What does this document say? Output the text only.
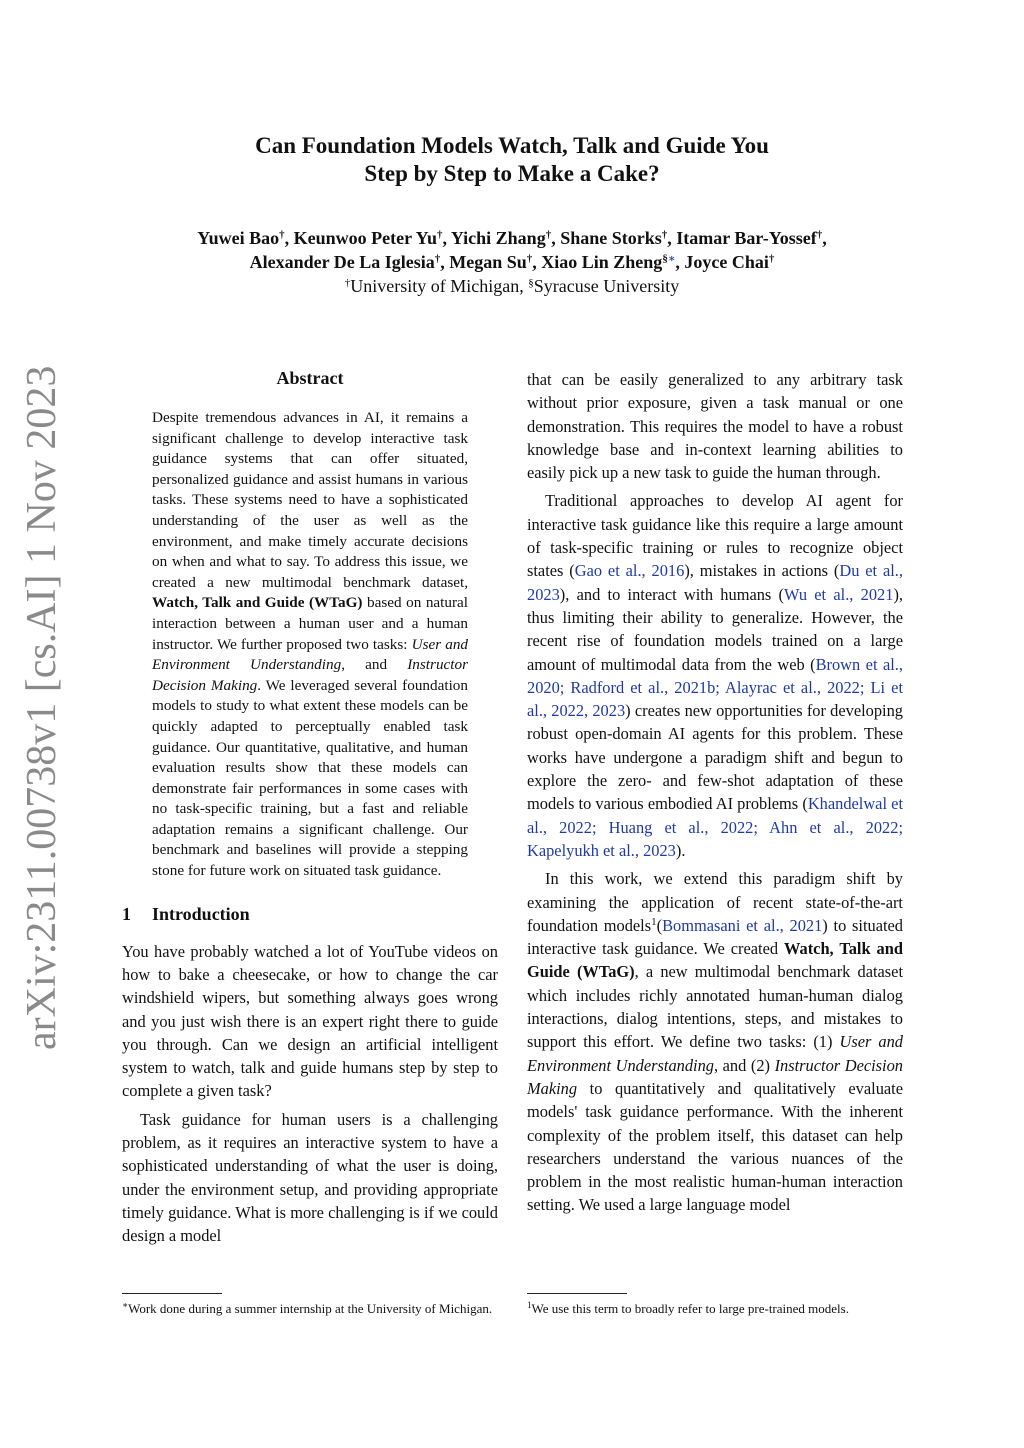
arXiv:2311.00738v1 [cs.AI] 1 Nov 2023
Can Foundation Models Watch, Talk and Guide You
Step by Step to Make a Cake?
Yuwei Bao†, Keunwoo Peter Yu†, Yichi Zhang†, Shane Storks†, Itamar Bar-Yossef†,
Alexander De La Iglesia†, Megan Su†, Xiao Lin Zheng§∗, Joyce Chai†
†University of Michigan, §Syracuse University
Abstract
Despite tremendous advances in AI, it remains a significant challenge to develop interactive task guidance systems that can offer situated, personalized guidance and assist humans in various tasks. These systems need to have a sophisticated understanding of the user as well as the environment, and make timely accurate decisions on when and what to say. To address this issue, we created a new multimodal benchmark dataset, Watch, Talk and Guide (WTaG) based on natural interaction between a human user and a human instructor. We further proposed two tasks: User and Environment Understanding, and Instructor Decision Making. We leveraged several foundation models to study to what extent these models can be quickly adapted to perceptually enabled task guidance. Our quantitative, qualitative, and human evaluation results show that these models can demonstrate fair performances in some cases with no task-specific training, but a fast and reliable adaptation remains a significant challenge. Our benchmark and baselines will provide a stepping stone for future work on situated task guidance.
1 Introduction

You have probably watched a lot of YouTube videos on how to bake a cheesecake, or how to change the car windshield wipers, but something always goes wrong and you just wish there is an expert right there to guide you through. Can we design an artificial intelligent system to watch, talk and guide humans step by step to complete a given task?

Task guidance for human users is a challenging problem, as it requires an interactive system to have a sophisticated understanding of what the user is doing, under the environment setup, and providing appropriate timely guidance. What is more challenging is if we could design a model

that can be easily generalized to any arbitrary task without prior exposure, given a task manual or one demonstration. This requires the model to have a robust knowledge base and in-context learning abilities to easily pick up a new task to guide the human through.

Traditional approaches to develop AI agent for interactive task guidance like this require a large amount of task-specific training or rules to recognize object states (Gao et al., 2016), mistakes in actions (Du et al., 2023), and to interact with humans (Wu et al., 2021), thus limiting their ability to generalize. However, the recent rise of foundation models trained on a large amount of multimodal data from the web (Brown et al., 2020; Radford et al., 2021b; Alayrac et al., 2022; Li et al., 2022, 2023) creates new opportunities for developing robust open-domain AI agents for this problem. These works have undergone a paradigm shift and begun to explore the zero- and few-shot adaptation of these models to various embodied AI problems (Khandelwal et al., 2022; Huang et al., 2022; Ahn et al., 2022; Kapelyukh et al., 2023).

In this work, we extend this paradigm shift by examining the application of recent state-of-the-art foundation models$^1$(Bommasani et al., 2021) to situated interactive task guidance. We created Watch, Talk and Guide (WTaG), a new multimodal benchmark dataset which includes richly annotated human-human dialog interactions, dialog intentions, steps, and mistakes to support this effort. We define two tasks: (1) User and Environment Understanding, and (2) Instructor Decision Making to quantitatively and qualitatively evaluate models' task guidance performance. With the inherent complexity of the problem itself, this dataset can help researchers understand the various nuances of the problem in the most realistic human-human interaction setting. We used a large language model

∗Work done during a summer internship at the University of Michigan.	$^1$We use this term to broadly refer to large pre-trained models.
